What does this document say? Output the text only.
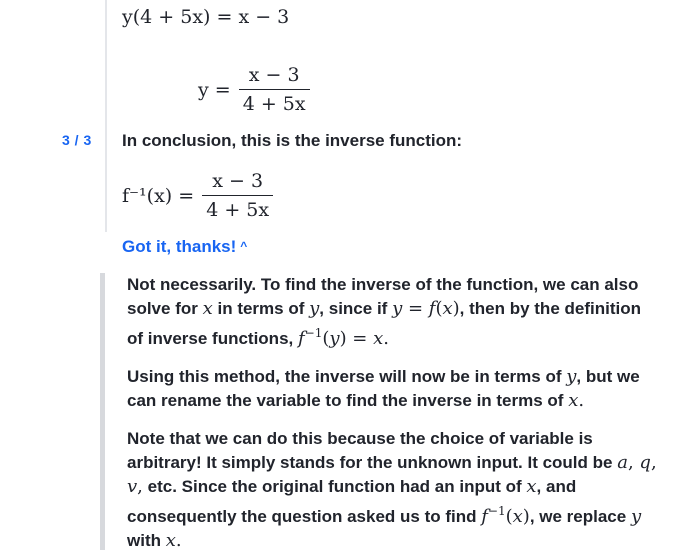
3 / 3
y(4 + 5x) = x − 3
$y = \frac{x - 3}{4 + 5x}$
In conclusion, this is the inverse function:
$f^{-1}(x) = \frac{x - 3}{4 + 5x}$
Got it, thanks! ^

Not necessarily. To find the inverse of the function, we can also solve for x in terms of y, since if y = f(x), then by the definition of inverse functions, $f^{-1}(y) = x$.

Using this method, the inverse will now be in terms of y, but we can rename the variable to find the inverse in terms of x.

Note that we can do this because the choice of variable is arbitrary! It simply stands for the unknown input. It could be a, q, v, etc. Since the original function had an input of x, and consequently the question asked us to find $f^{-1}(x)$, we replace y with x.
